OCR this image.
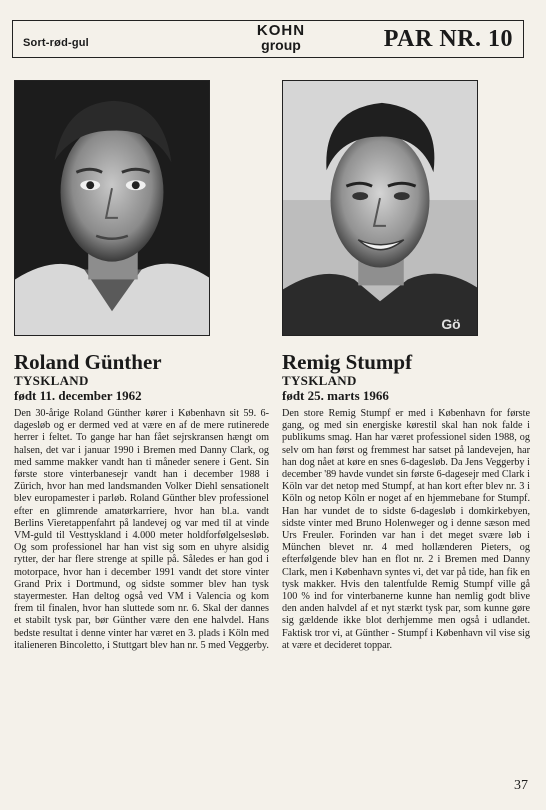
Sort-rød-gul
KOHN
group	PAR NR. 10
Gö
Roland Günther
TYSKLAND
født 11. december 1962

Den 30-årige Roland Günther kører i København sit 59. 6-dagesløb og er dermed ved at være en af de mere rutinerede herrer i feltet. To gange har han fået sejrskransen hængt om halsen, det var i januar 1990 i Bremen med Danny Clark, og med samme makker vandt han ti måneder senere i Gent. Sin første store vinterbanesejr vandt han i december 1988 i Zürich, hvor han med landsmanden Volker Diehl sensationelt blev europamester i parløb. Roland Günther blev professionel efter en glimrende amatørkarriere, hvor han bl.a. vandt Berlins Vieretappenfahrt på landevej og var med til at vinde VM-guld til Vesttyskland i 4.000 meter holdforfølgelsesløb. Og som professionel har han vist sig som en uhyre alsidig rytter, der har flere strenge at spille på. Således er han god i motorpace, hvor han i december 1991 vandt det store vinter Grand Prix i Dortmund, og sidste sommer blev han tysk stayermester. Han deltog også ved VM i Valencia og kom frem til finalen, hvor han sluttede som nr. 6. Skal der dannes et stabilt tysk par, bør Günther være den ene halvdel. Hans bedste resultat i denne vinter har været en 3. plads i Köln med italieneren Bincoletto, i Stuttgart blev han nr. 5 med Veggerby.

Remig Stumpf
TYSKLAND
født 25. marts 1966

Den store Remig Stumpf er med i København for første gang, og med sin energiske kørestil skal han nok falde i publikums smag. Han har været professionel siden 1988, og selv om han først og fremmest har satset på landevejen, har han dog nået at køre en snes 6-dagesløb. Da Jens Veggerby i december '89 havde vundet sin første 6-dagesejr med Clark i Köln var det netop med Stumpf, at han kort efter blev nr. 3 i Köln og netop Köln er noget af en hjemmebane for Stumpf. Han har vundet de to sidste 6-dagesløb i domkirkebyen, sidste vinter med Bruno Holenweger og i denne sæson med Urs Freuler. Forinden var han i det meget svære løb i München blevet nr. 4 med hollænderen Pieters, og efterfølgende blev han en flot nr. 2 i Bremen med Danny Clark, men i København syntes vi, det var på tide, han fik en tysk makker. Hvis den talentfulde Remig Stumpf ville gå 100 % ind for vinterbanerne kunne han nemlig godt blive den anden halvdel af et nyt stærkt tysk par, som kunne gøre sig gældende ikke blot derhjemme men også i udlandet. Faktisk tror vi, at Günther - Stumpf i København vil vise sig at være et decideret toppar.

37
